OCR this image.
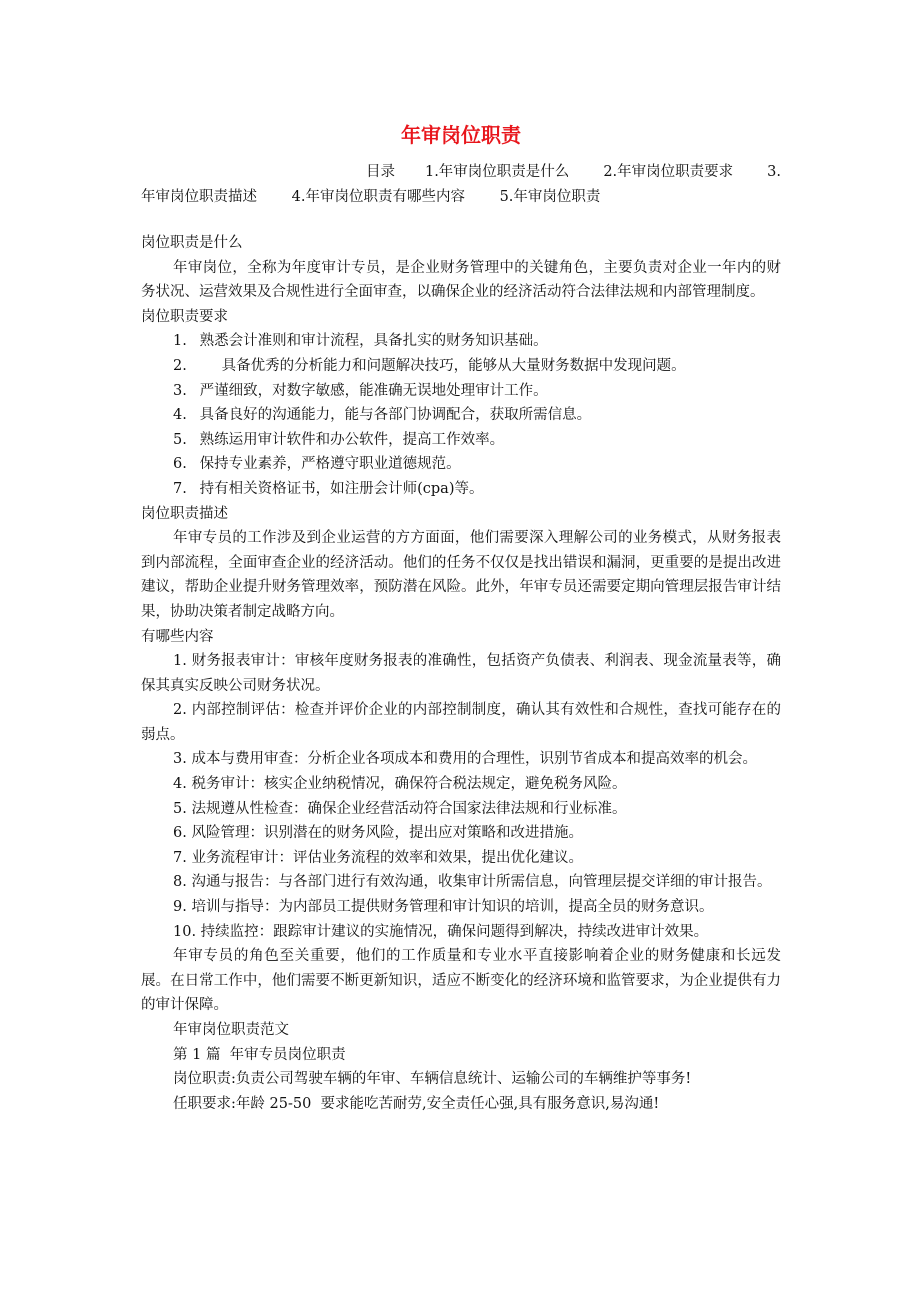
年审岗位职责
目录 1.年审岗位职责是什么 2.年审岗位职责要求 3.
年审岗位职责描述 4.年审岗位职责有哪些内容 5.年审岗位职责

岗位职责是什么

年审岗位，全称为年度审计专员，是企业财务管理中的关键角色，主要负责对企业一年内的财务状况、运营效果及合规性进行全面审查，以确保企业的经济活动符合法律法规和内部管理制度。

岗位职责要求

1. 熟悉会计准则和审计流程，具备扎实的财务知识基础。

2. 具备优秀的分析能力和问题解决技巧，能够从大量财务数据中发现问题。

3. 严谨细致，对数字敏感，能准确无误地处理审计工作。

4. 具备良好的沟通能力，能与各部门协调配合，获取所需信息。

5. 熟练运用审计软件和办公软件，提高工作效率。

6. 保持专业素养，严格遵守职业道德规范。

7. 持有相关资格证书，如注册会计师(cpa)等。

岗位职责描述

年审专员的工作涉及到企业运营的方方面面，他们需要深入理解公司的业务模式，从财务报表到内部流程，全面审查企业的经济活动。他们的任务不仅仅是找出错误和漏洞，更重要的是提出改进建议，帮助企业提升财务管理效率，预防潜在风险。此外，年审专员还需要定期向管理层报告审计结果，协助决策者制定战略方向。

有哪些内容

1. 财务报表审计：审核年度财务报表的准确性，包括资产负债表、利润表、现金流量表等，确保其真实反映公司财务状况。

2. 内部控制评估：检查并评价企业的内部控制制度，确认其有效性和合规性，查找可能存在的弱点。

3. 成本与费用审查：分析企业各项成本和费用的合理性，识别节省成本和提高效率的机会。

4. 税务审计：核实企业纳税情况，确保符合税法规定，避免税务风险。

5. 法规遵从性检查：确保企业经营活动符合国家法律法规和行业标准。

6. 风险管理：识别潜在的财务风险，提出应对策略和改进措施。

7. 业务流程审计：评估业务流程的效率和效果，提出优化建议。

8. 沟通与报告：与各部门进行有效沟通，收集审计所需信息，向管理层提交详细的审计报告。

9. 培训与指导：为内部员工提供财务管理和审计知识的培训，提高全员的财务意识。

10. 持续监控：跟踪审计建议的实施情况，确保问题得到解决，持续改进审计效果。

年审专员的角色至关重要，他们的工作质量和专业水平直接影响着企业的财务健康和长远发展。在日常工作中，他们需要不断更新知识，适应不断变化的经济环境和监管要求，为企业提供有力的审计保障。

年审岗位职责范文

第 1 篇  年审专员岗位职责

岗位职责:负责公司驾驶车辆的年审、车辆信息统计、运输公司的车辆维护等事务!

任职要求:年龄 25-50  要求能吃苦耐劳,安全责任心强,具有服务意识,易沟通!
